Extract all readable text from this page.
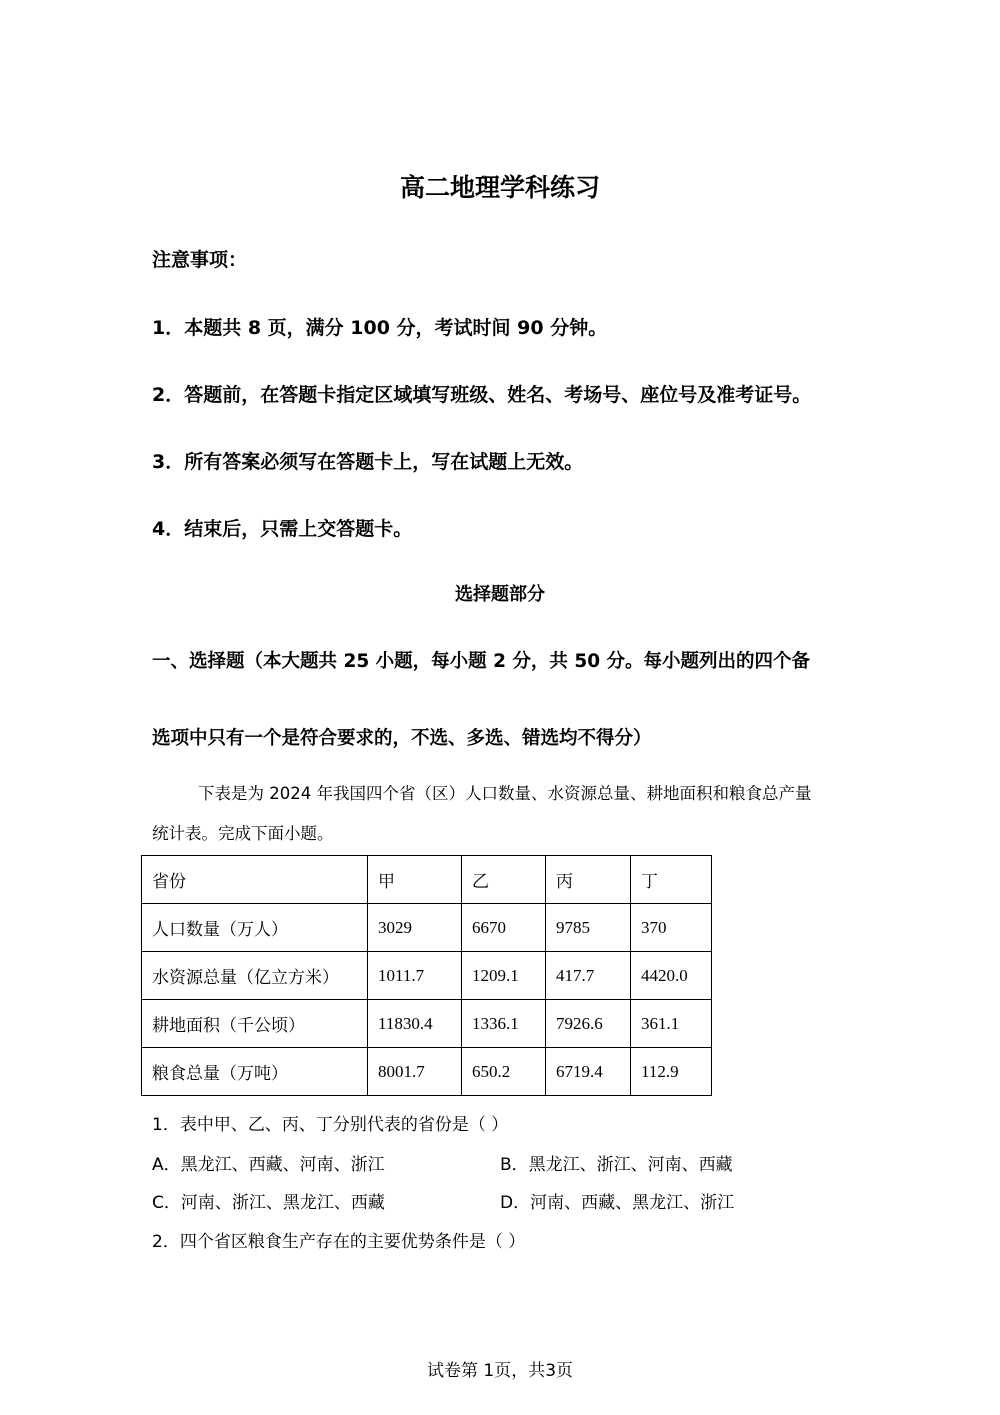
高二地理学科练习
注意事项：
1．本题共 8 页，满分 100 分，考试时间 90 分钟。
2．答题前，在答题卡指定区域填写班级、姓名、考场号、座位号及准考证号。
3．所有答案必须写在答题卡上，写在试题上无效。
4．结束后，只需上交答题卡。
选择题部分
一、选择题（本大题共 25 小题，每小题 2 分，共 50 分。每小题列出的四个备
选项中只有一个是符合要求的，不选、多选、错选均不得分）
下表是为 2024 年我国四个省（区）人口数量、水资源总量、耕地面积和粮食总产量
统计表。完成下面小题。
省份	甲	乙	丙	丁
人口数量（万人）	3029	6670	9785	370
水资源总量（亿立方米）	1011.7	1209.1	417.7	4420.0
耕地面积（千公顷）	11830.4	1336.1	7926.6	361.1
粮食总量（万吨）	8001.7	650.2	6719.4	112.9
1．表中甲、乙、丙、丁分别代表的省份是（ ）
A．黑龙江、西藏、河南、浙江	B．黑龙江、浙江、河南、西藏
C．河南、浙江、黑龙江、西藏	D．河南、西藏、黑龙江、浙江
2．四个省区粮食生产存在的主要优势条件是（ ）
试卷第 1页，共3页
